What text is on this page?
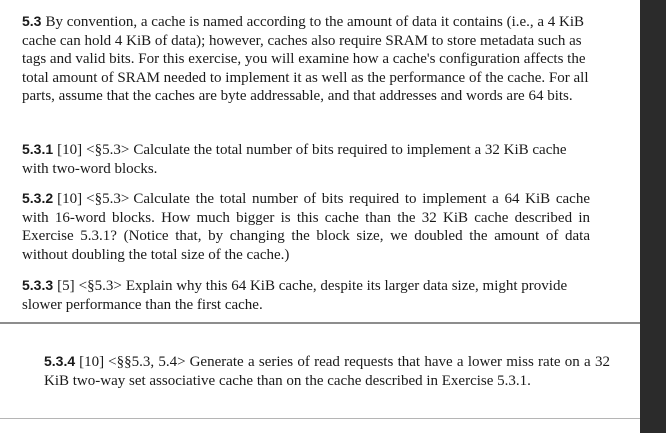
5.3 By convention, a cache is named according to the amount of data it contains (i.e., a 4 KiB cache can hold 4 KiB of data); however, caches also require SRAM to store metadata such as tags and valid bits. For this exercise, you will examine how a cache's configuration affects the total amount of SRAM needed to implement it as well as the performance of the cache. For all parts, assume that the caches are byte addressable, and that addresses and words are 64 bits.

5.3.1 [10] <§5.3> Calculate the total number of bits required to implement a 32 KiB cache with two-word blocks.

5.3.2 [10] <§5.3> Calculate the total number of bits required to implement a 64 KiB cache with 16-word blocks. How much bigger is this cache than the 32 KiB cache described in Exercise 5.3.1? (Notice that, by changing the block size, we doubled the amount of data without doubling the total size of the cache.)

5.3.3 [5] <§5.3> Explain why this 64 KiB cache, despite its larger data size, might provide slower performance than the first cache.

5.3.4 [10] <§§5.3, 5.4> Generate a series of read requests that have a lower miss rate on a 32 KiB two-way set associative cache than on the cache described in Exercise 5.3.1.
